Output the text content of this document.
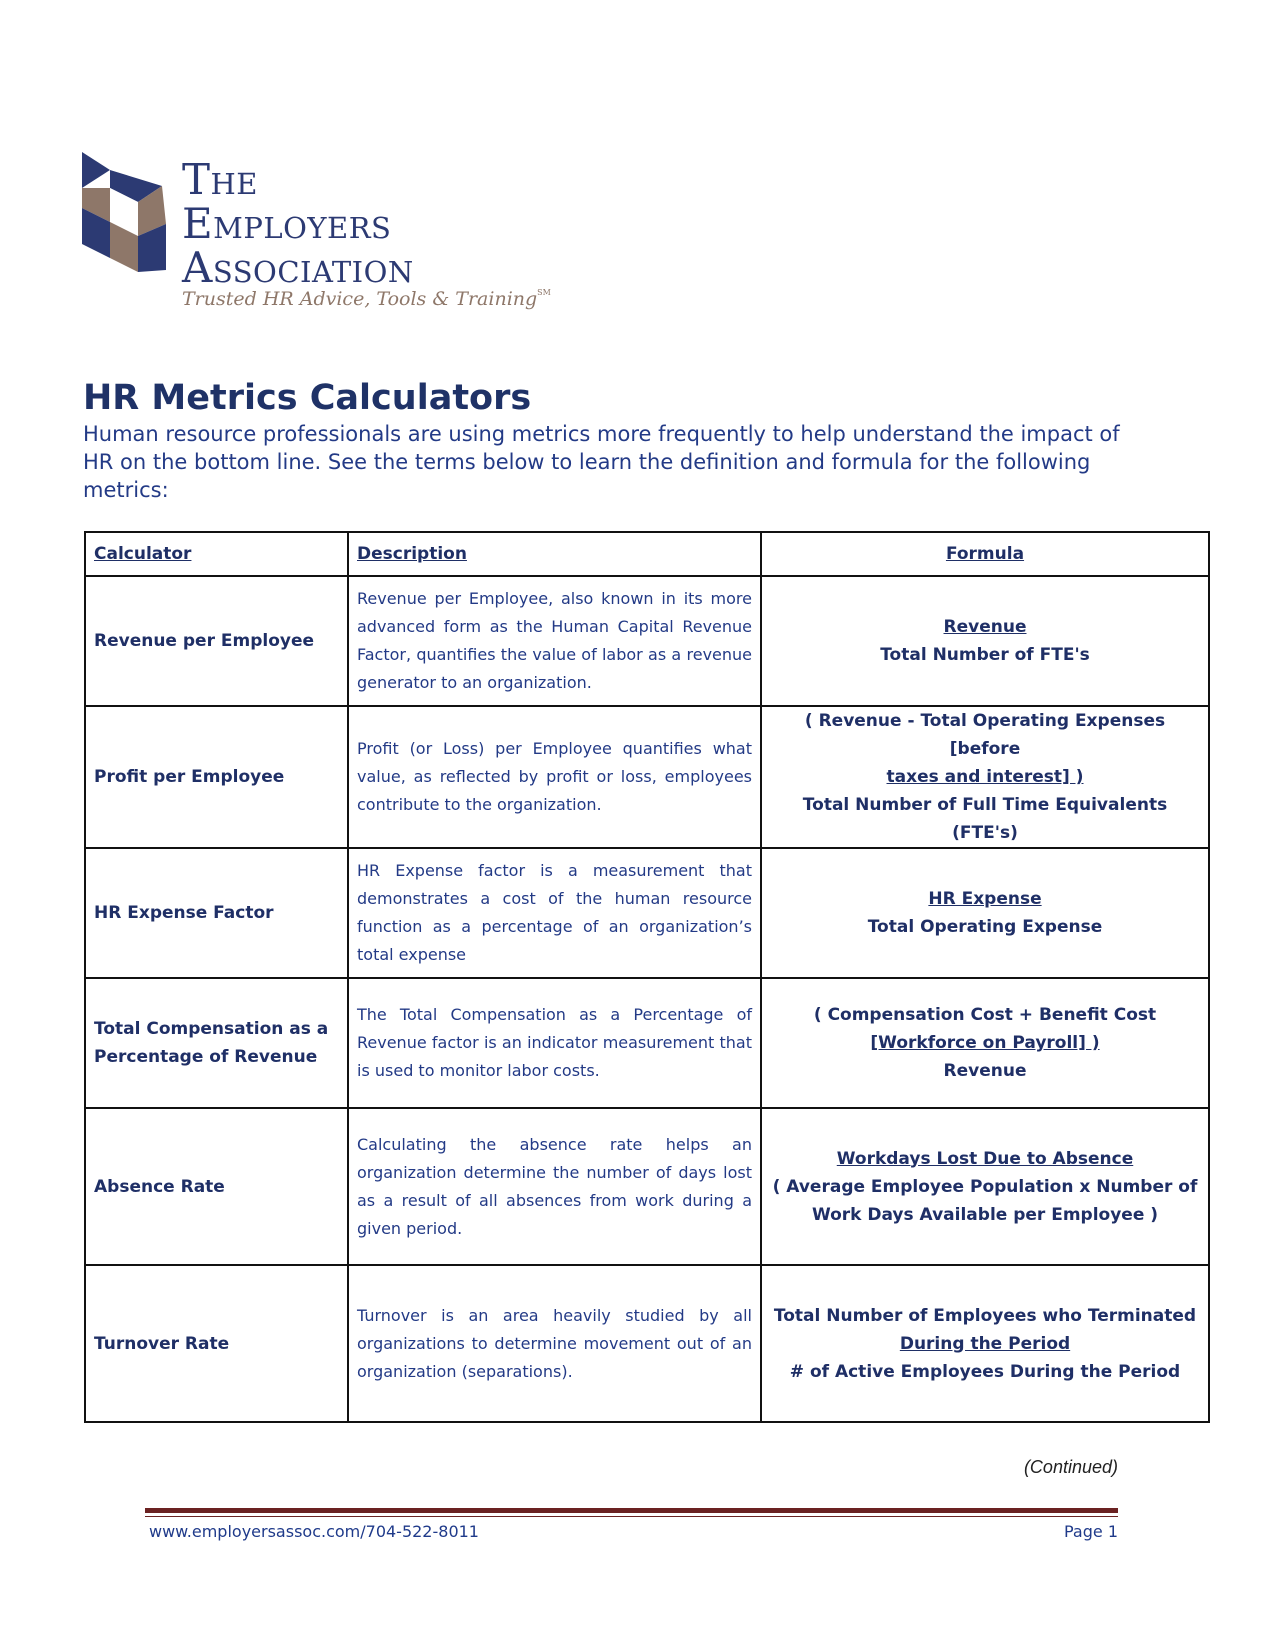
The
Employers
Association
Trusted HR Advice, Tools & Training℠
HR Metrics Calculators

Human resource professionals are using metrics more frequently to help understand the impact of HR on the bottom line. See the terms below to learn the definition and formula for the following metrics:

Calculator	Description	Formula
Revenue per Employee	Revenue per Employee, also known in its more advanced form as the Human Capital Revenue Factor, quantifies the value of labor as a revenue generator to an organization.	Revenue
Total Number of FTE's

Profit per Employee	Profit (or Loss) per Employee quantifies what value, as reflected by profit or loss, employees contribute to the organization.	( Revenue - Total Operating Expenses [before
taxes and interest] )
Total Number of Full Time Equivalents (FTE's)

HR Expense Factor	HR Expense factor is a measurement that demonstrates a cost of the human resource function as a percentage of an organization’s total expense	HR Expense
Total Operating Expense

Total Compensation as a Percentage of Revenue	The Total Compensation as a Percentage of Revenue factor is an indicator measurement that is used to monitor labor costs.	( Compensation Cost + Benefit Cost
[Workforce on Payroll] )
Revenue

Absence Rate	Calculating the absence rate helps an organization determine the number of days lost as a result of all absences from work during a given period.	Workdays Lost Due to Absence
( Average Employee Population x Number of
Work Days Available per Employee )

Turnover Rate	Turnover is an area heavily studied by all organizations to determine movement out of an organization (separations).	Total Number of Employees who Terminated
During the Period
# of Active Employees During the Period
(Continued)
www.employersassoc.com/704-522-8011	Page 1
